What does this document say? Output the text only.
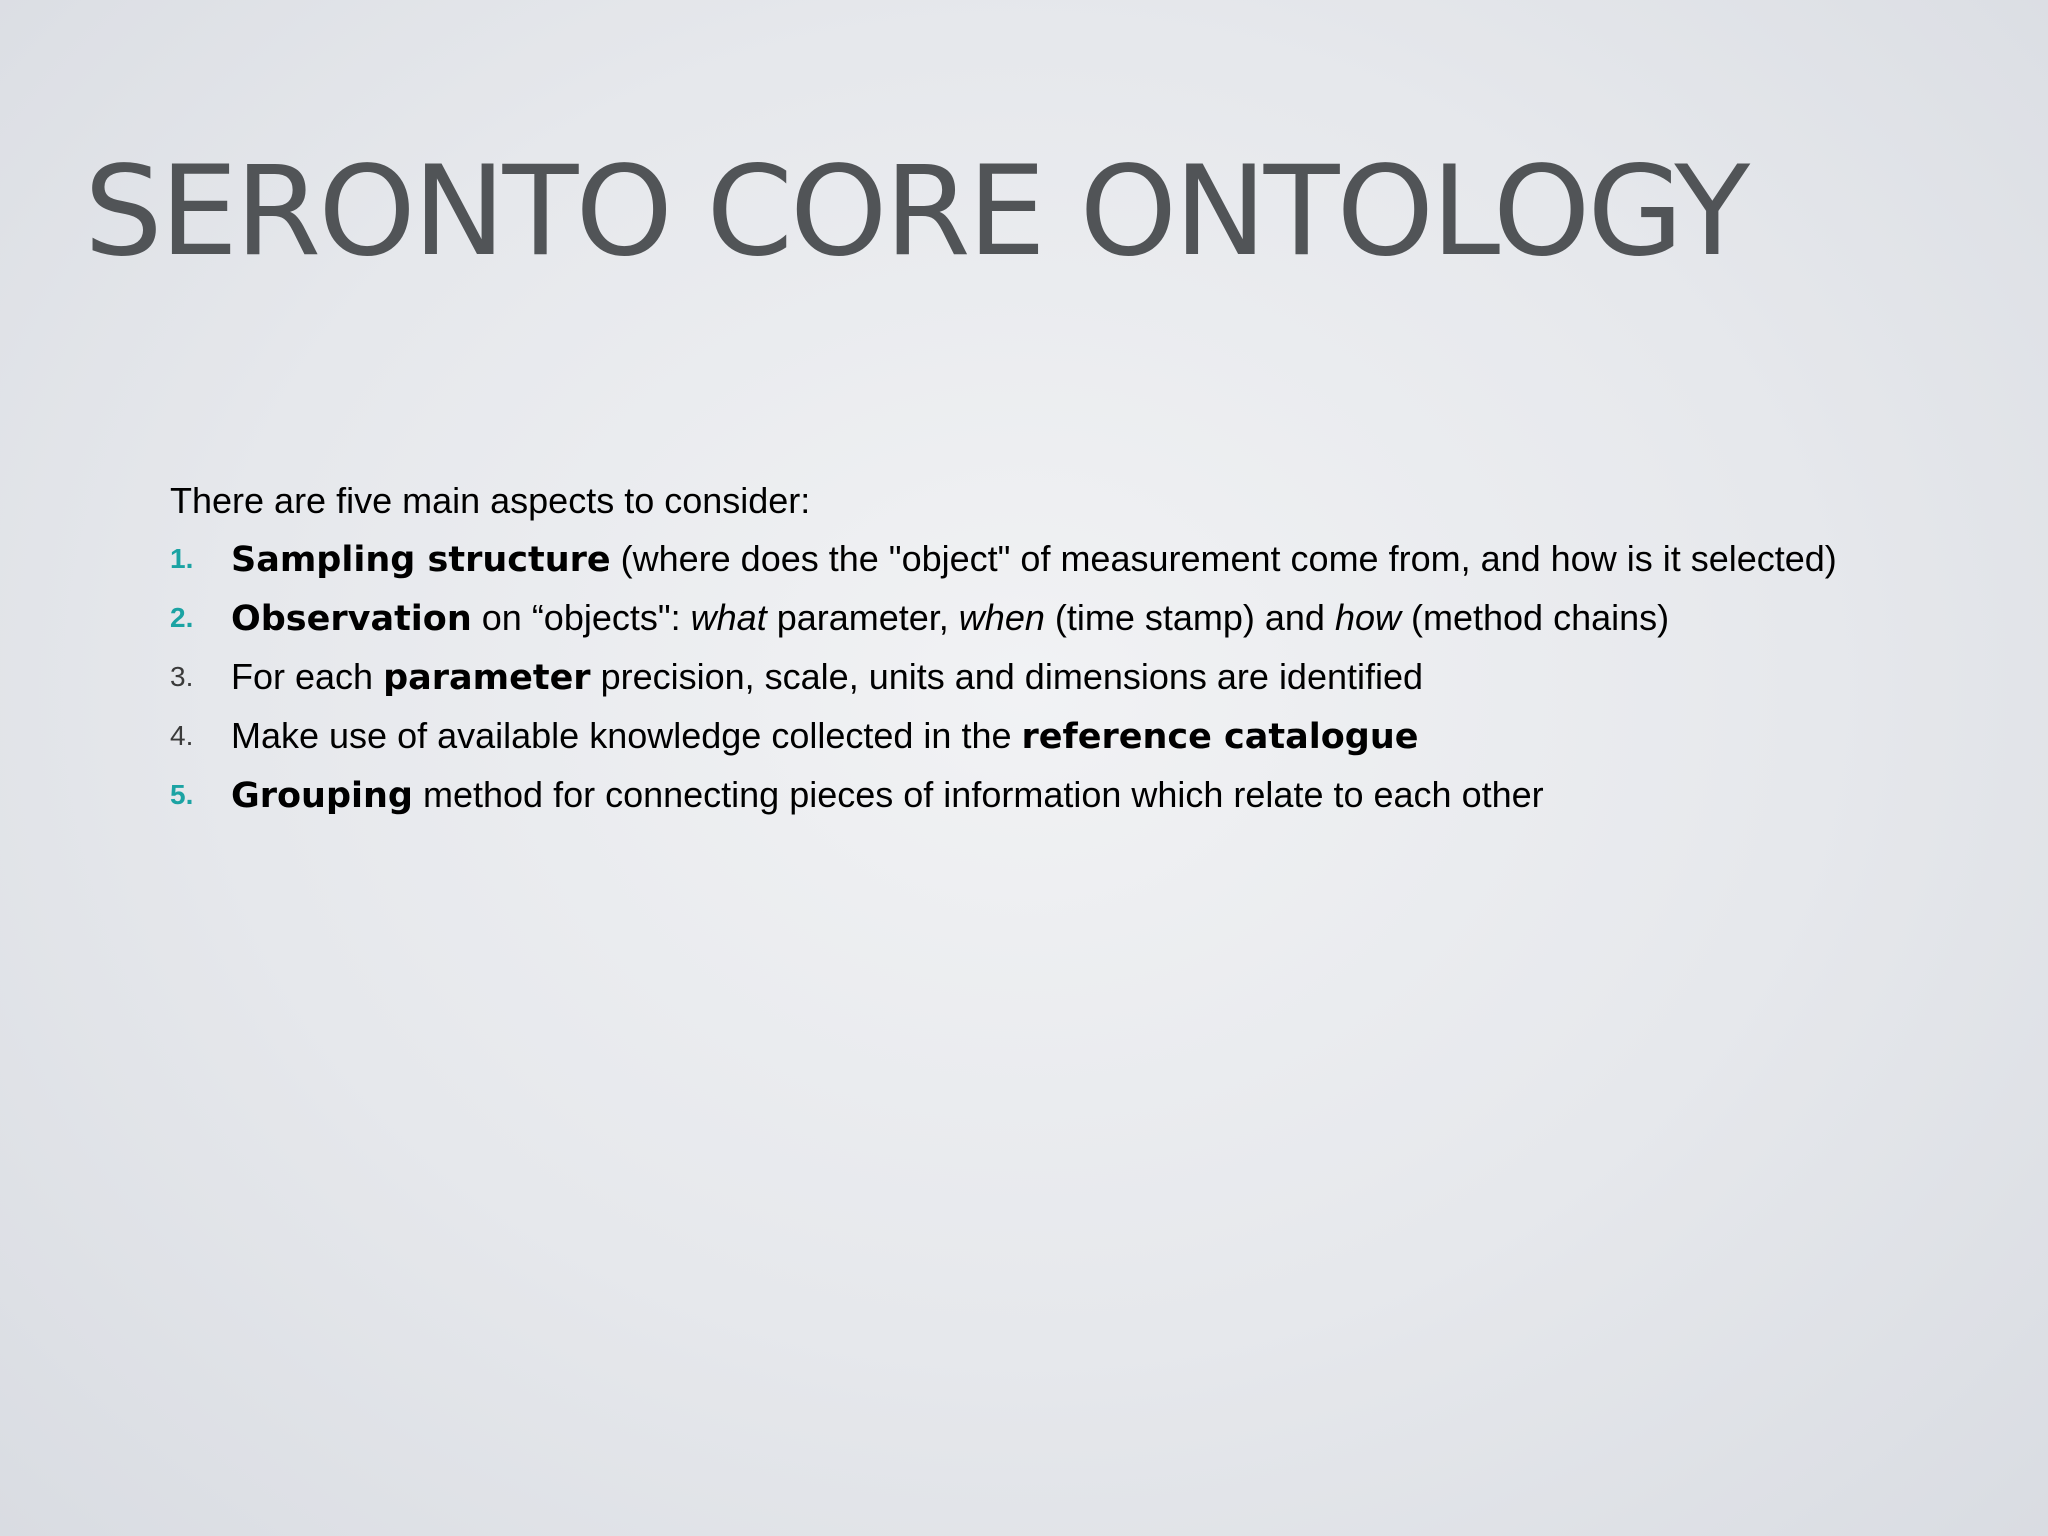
SERONTO CORE ONTOLOGY

There are five main aspects to consider:

1.	Sampling structure (where does the "object" of measurement come from, and how is it selected)
2.	Observation on “objects": what parameter, when (time stamp) and how (method chains)
3.	For each parameter precision, scale, units and dimensions are identified
4.	Make use of available knowledge collected in the reference catalogue
5.	Grouping method for connecting pieces of information which relate to each other
